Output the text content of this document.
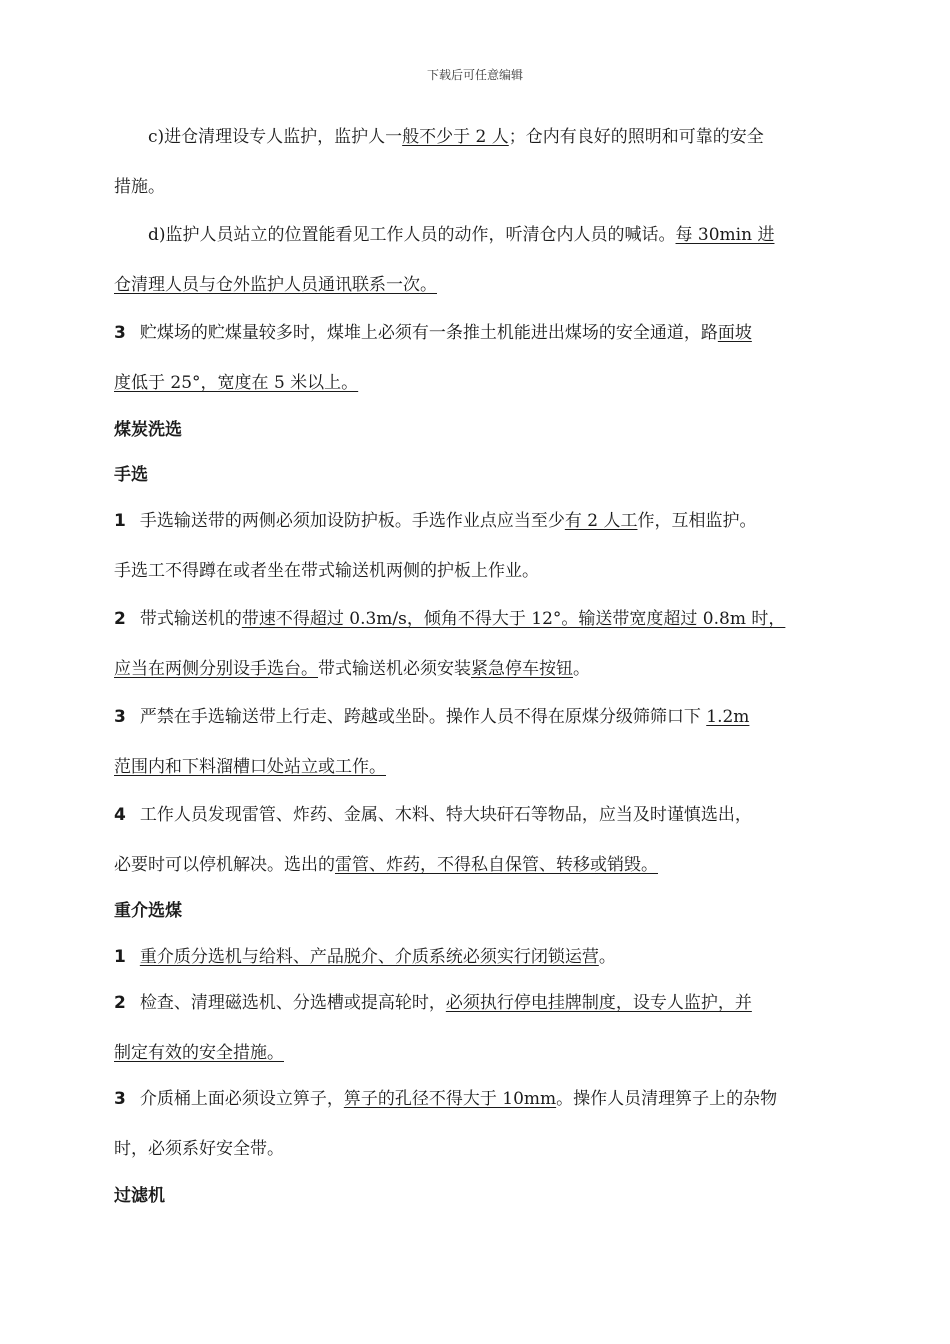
下载后可任意编辑
c)进仓清理设专人监护，监护人一般不少于 2 人；仓内有良好的照明和可靠的安全
措施。
d)监护人员站立的位置能看见工作人员的动作，听清仓内人员的喊话。每 30min 进
仓清理人员与仓外监护人员通讯联系一次。
3 贮煤场的贮煤量较多时，煤堆上必须有一条推土机能进出煤场的安全通道，路面坡
度低于 25°，宽度在 5 米以上。
煤炭洗选
手选
1 手选输送带的两侧必须加设防护板。手选作业点应当至少有 2 人工作，互相监护。
手选工不得蹲在或者坐在带式输送机两侧的护板上作业。
2 带式输送机的带速不得超过 0.3m/s，倾角不得大于 12°。输送带宽度超过 0.8m 时，
应当在两侧分别设手选台。带式输送机必须安装紧急停车按钮。
3 严禁在手选输送带上行走、跨越或坐卧。操作人员不得在原煤分级筛筛口下 1.2m
范围内和下料溜槽口处站立或工作。
4 工作人员发现雷管、炸药、金属、木料、特大块矸石等物品，应当及时谨慎选出，
必要时可以停机解决。选出的雷管、炸药，不得私自保管、转移或销毁。
重介选煤
1 重介质分选机与给料、产品脱介、介质系统必须实行闭锁运营。
2 检查、清理磁选机、分选槽或提高轮时，必须执行停电挂牌制度，设专人监护，并
制定有效的安全措施。
3 介质桶上面必须设立箅子，箅子的孔径不得大于 10mm。操作人员清理箅子上的杂物
时，必须系好安全带。
过滤机
